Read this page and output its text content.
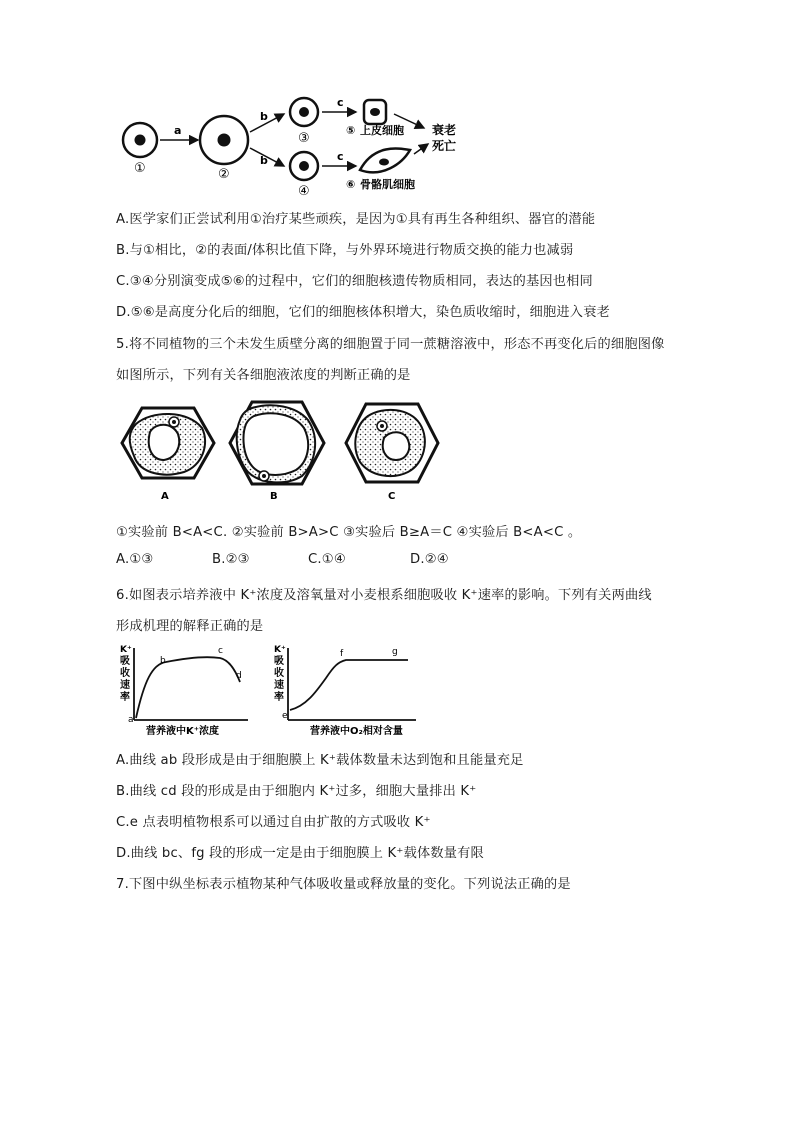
①
a
②
b
b
③
④
c
c
⑤ 上皮细胞
⑥ 骨骼肌细胞
衰老
死亡
A.医学家们正尝试利用①治疗某些顽疾，是因为①具有再生各种组织、器官的潜能
B.与①相比，②的表面/体积比值下降，与外界环境进行物质交换的能力也减弱
C.③④分别演变成⑤⑥的过程中，它们的细胞核遗传物质相同，表达的基因也相同
D.⑤⑥是高度分化后的细胞，它们的细胞核体积增大，染色质收缩时，细胞进入衰老
5.将不同植物的三个未发生质壁分离的细胞置于同一蔗糖溶液中，形态不再变化后的细胞图像
如图所示，下列有关各细胞液浓度的判断正确的是
A	B	C
①实验前 B<A<C. ②实验前 B>A>C ③实验后 B≥A＝C ④实验后 B<A<C 。
A.①③	B.②③	C.①④	D.②④
6.如图表示培养液中 K⁺浓度及溶氧量对小麦根系细胞吸收 K⁺速率的影响。下列有关两曲线
形成机理的解释正确的是
K⁺
吸
收
速
率
a
b
c
d
营养液中K⁺浓度
K⁺
吸
收
速
率
e
f	g
营养液中O₂相对含量
A.曲线 ab 段形成是由于细胞膜上 K⁺载体数量未达到饱和且能量充足
B.曲线 cd 段的形成是由于细胞内 K⁺过多，细胞大量排出 K⁺
C.e 点表明植物根系可以通过自由扩散的方式吸收 K⁺
D.曲线 bc、fg 段的形成一定是由于细胞膜上 K⁺载体数量有限
7.下图中纵坐标表示植物某种气体吸收量或释放量的变化。下列说法正确的是
